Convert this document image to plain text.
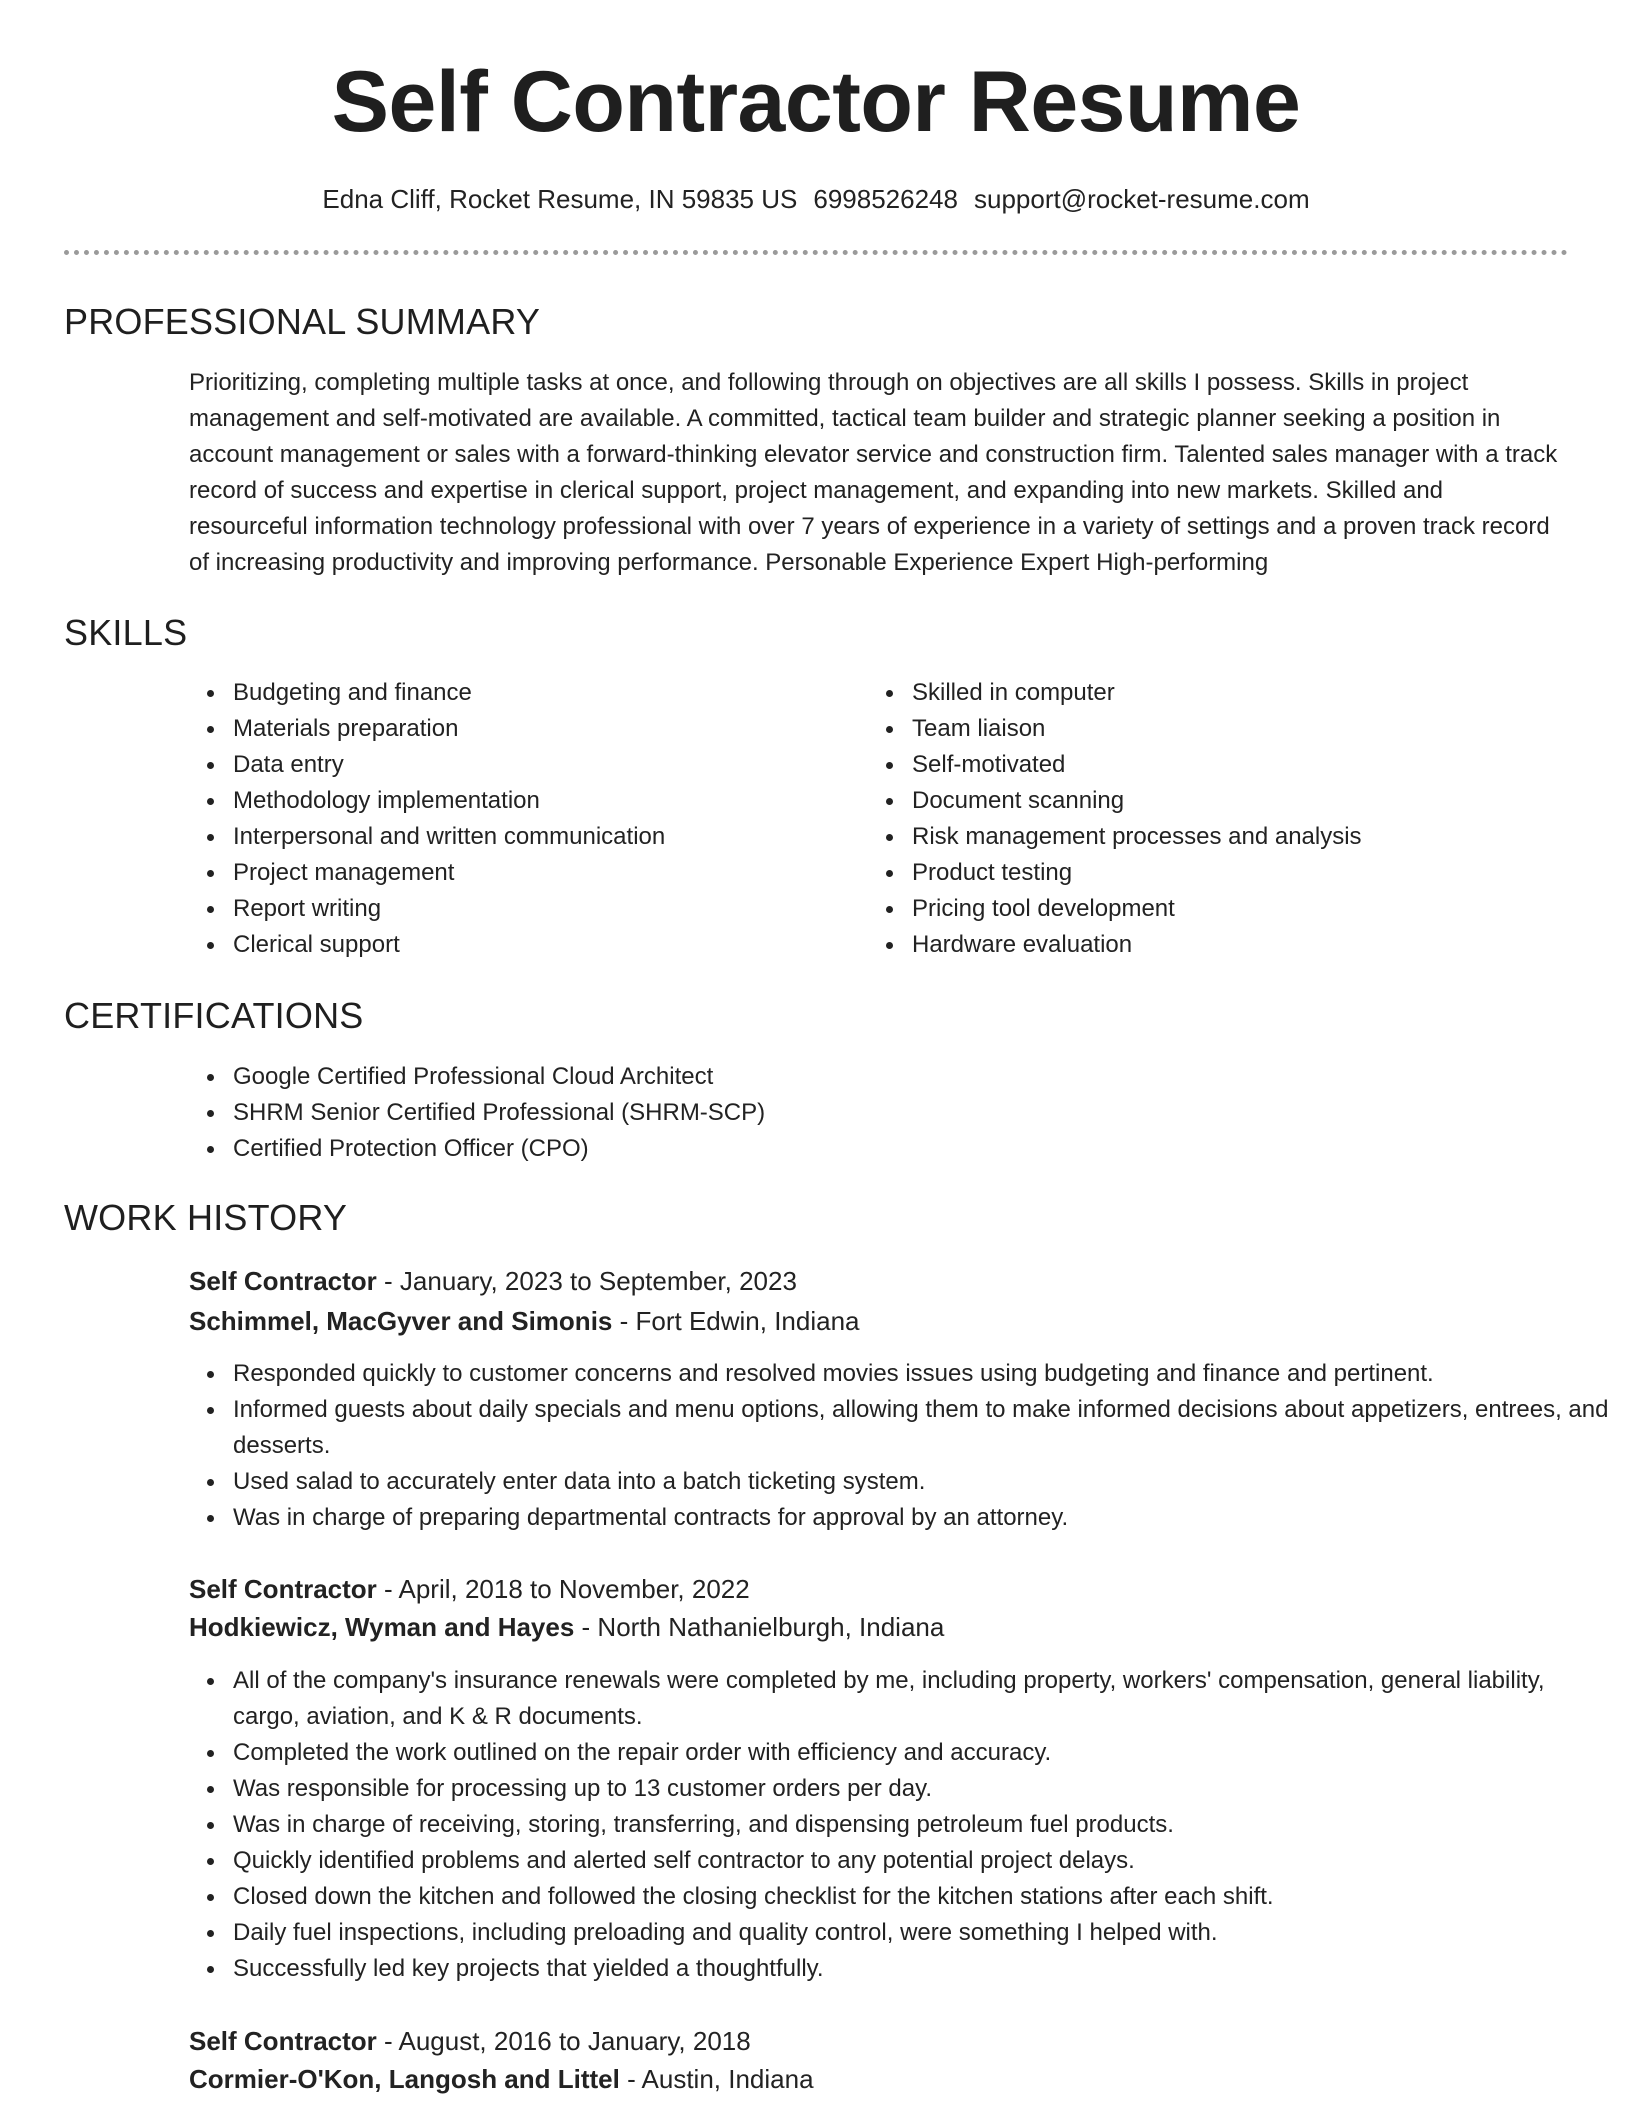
Self Contractor Resume
Edna Cliff, Rocket Resume, IN 59835 US 6998526248 support@rocket-resume.com
PROFESSIONAL SUMMARY

Prioritizing, completing multiple tasks at once, and following through on objectives are all skills I possess. Skills in project management and self-motivated are available. A committed, tactical team builder and strategic planner seeking a position in account management or sales with a forward-thinking elevator service and construction firm. Talented sales manager with a track record of success and expertise in clerical support, project management, and expanding into new markets. Skilled and resourceful information technology professional with over 7 years of experience in a variety of settings and a proven track record of increasing productivity and improving performance. Personable Experience Expert High-performing

SKILLS
Budgeting and finance
Materials preparation
Data entry
Methodology implementation
Interpersonal and written communication
Project management
Report writing
Clerical support
Skilled in computer
Team liaison
Self-motivated
Document scanning
Risk management processes and analysis
Product testing
Pricing tool development
Hardware evaluation
CERTIFICATIONS
Google Certified Professional Cloud Architect
SHRM Senior Certified Professional (SHRM-SCP)
Certified Protection Officer (CPO)
WORK HISTORY
Self Contractor - January, 2023 to September, 2023
Schimmel, MacGyver and Simonis - Fort Edwin, Indiana
Responded quickly to customer concerns and resolved movies issues using budgeting and finance and pertinent.
Informed guests about daily specials and menu options, allowing them to make informed decisions about appetizers, entrees, and desserts.
Used salad to accurately enter data into a batch ticketing system.
Was in charge of preparing departmental contracts for approval by an attorney.
Self Contractor - April, 2018 to November, 2022
Hodkiewicz, Wyman and Hayes - North Nathanielburgh, Indiana
All of the company's insurance renewals were completed by me, including property, workers' compensation, general liability, cargo, aviation, and K & R documents.
Completed the work outlined on the repair order with efficiency and accuracy.
Was responsible for processing up to 13 customer orders per day.
Was in charge of receiving, storing, transferring, and dispensing petroleum fuel products.
Quickly identified problems and alerted self contractor to any potential project delays.
Closed down the kitchen and followed the closing checklist for the kitchen stations after each shift.
Daily fuel inspections, including preloading and quality control, were something I helped with.
Successfully led key projects that yielded a thoughtfully.
Self Contractor - August, 2016 to January, 2018
Cormier-O'Kon, Langosh and Littel - Austin, Indiana
